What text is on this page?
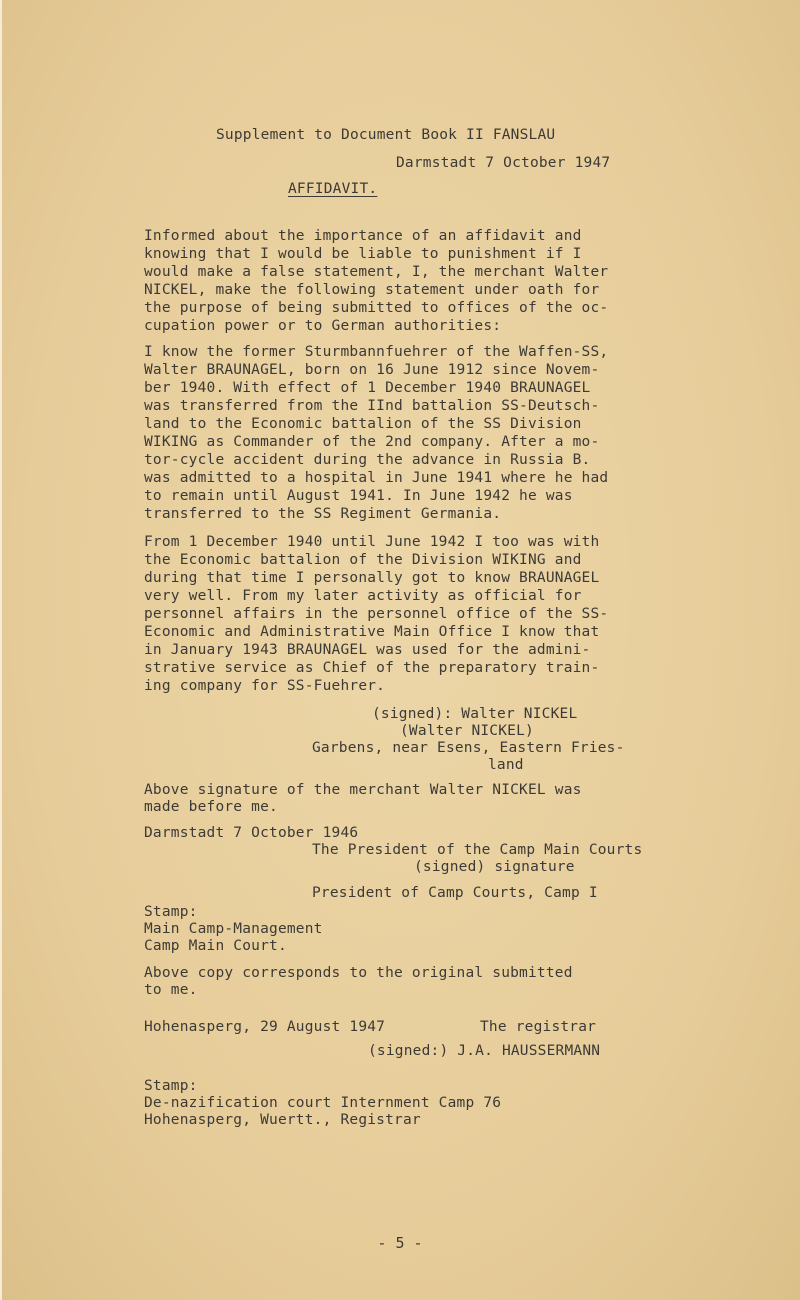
Supplement to Document Book II FANSLAU
Darmstadt 7 October 1947
AFFIDAVIT.
Informed about the importance of an affidavit and
knowing that I would be liable to punishment if I
would make a false statement, I, the merchant Walter
NICKEL, make the following statement under oath for
the purpose of being submitted to offices of the oc-
cupation power or to German authorities:
I know the former Sturmbannfuehrer of the Waffen-SS,
Walter BRAUNAGEL, born on 16 June 1912 since Novem-
ber 1940. With effect of 1 December 1940 BRAUNAGEL
was transferred from the IInd battalion SS-Deutsch-
land to the Economic battalion of the SS Division
WIKING as Commander of the 2nd company. After a mo-
tor-cycle accident during the advance in Russia B.
was admitted to a hospital in June 1941 where he had
to remain until August 1941. In June 1942 he was
transferred to the SS Regiment Germania.
From 1 December 1940 until June 1942 I too was with
the Economic battalion of the Division WIKING and
during that time I personally got to know BRAUNAGEL
very well. From my later activity as official for
personnel affairs in the personnel office of the SS-
Economic and Administrative Main Office I know that
in January 1943 BRAUNAGEL was used for the admini-
strative service as Chief of the preparatory train-
ing company for SS-Fuehrer.
(signed): Walter NICKEL
(Walter NICKEL)
Garbens, near Esens, Eastern Fries-
land
Above signature of the merchant Walter NICKEL was
made before me.
Darmstadt 7 October 1946
The President of the Camp Main Courts
(signed) signature
President of Camp Courts, Camp I
Stamp:
Main Camp-Management
Camp Main Court.
Above copy corresponds to the original submitted
to me.
Hohenasperg, 29 August 1947	The registrar
(signed:) J.A. HAUSSERMANN
Stamp:
De-nazification court Internment Camp 76
Hohenasperg, Wuertt., Registrar
- 5 -
